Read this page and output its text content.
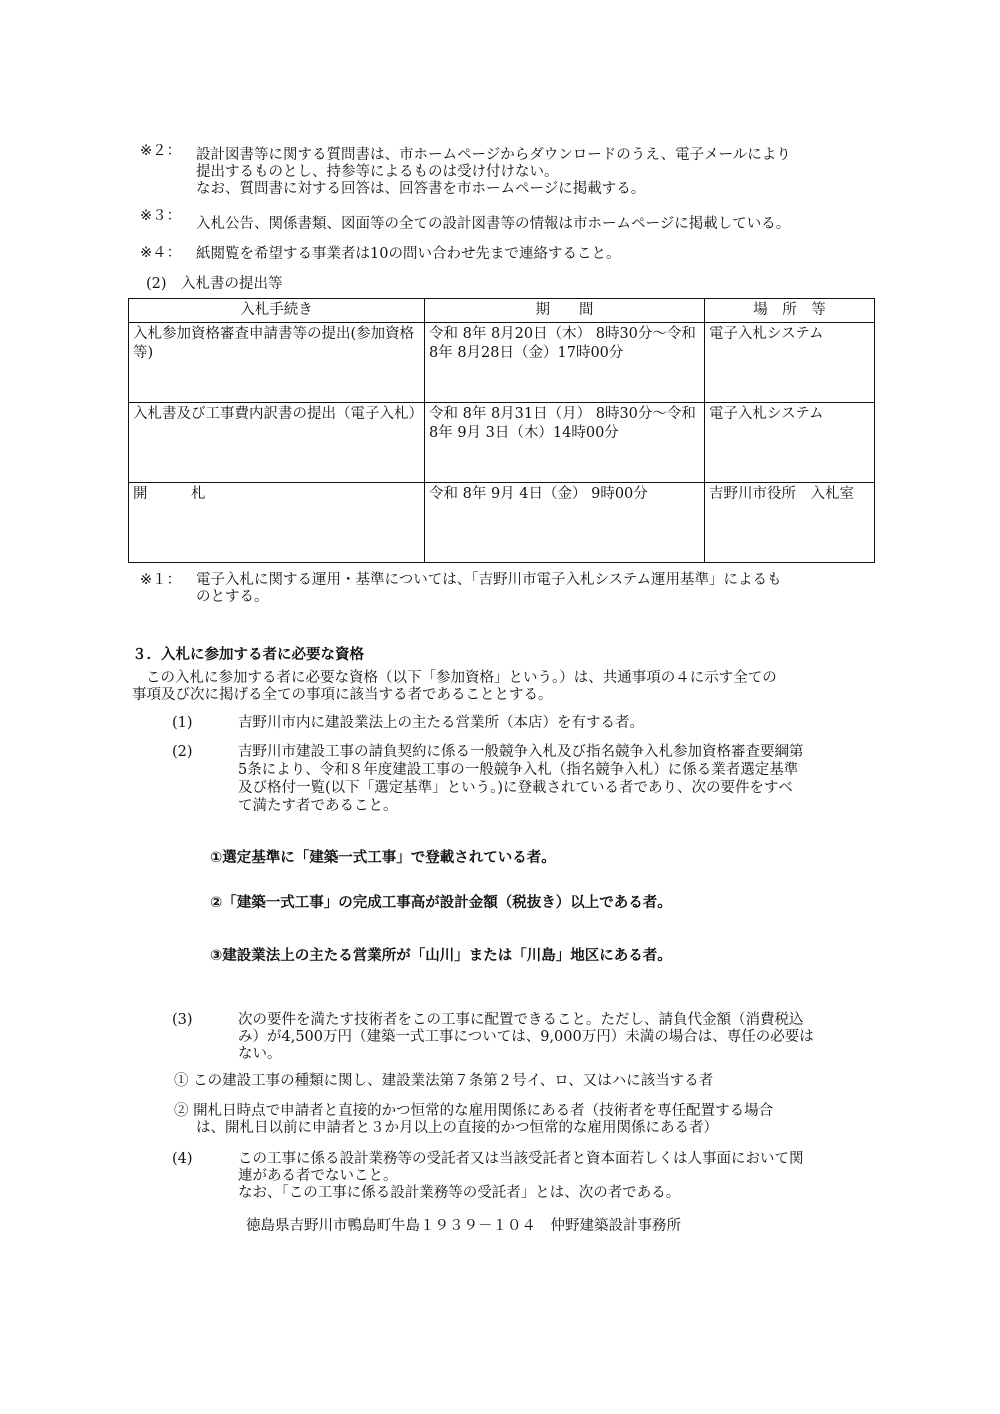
※２： 設計図書等に関する質問書は、市ホームページからダウンロードのうえ、電子メールにより
提出するものとし、持参等によるものは受け付けない。
なお、質問書に対する回答は、回答書を市ホームページに掲載する。
※３： 入札公告、関係書類、図面等の全ての設計図書等の情報は市ホームページに掲載している。
※４： 紙閲覧を希望する事業者は10の問い合わせ先まで連絡すること。
(2)　入札書の提出等
入札手続き	期　　間	場　所　等
入札参加資格審査申請書等の提出(参加資格等)	令和 8年 8月20日（木） 8時30分～令和 8年 8月28日（金）17時00分	電子入札システム
入札書及び工事費内訳書の提出（電子入札）	令和 8年 8月31日（月） 8時30分～令和 8年 9月 3日（木）14時00分	電子入札システム
開　　　札	令和 8年 9月 4日（金） 9時00分	吉野川市役所　入札室
※１： 電子入札に関する運用・基準については、「吉野川市電子入札システム運用基準」によるも
のとする。
３．入札に参加する者に必要な資格
この入札に参加する者に必要な資格（以下「参加資格」という。）は、共通事項の４に示す全ての
事項及び次に掲げる全ての事項に該当する者であることとする。
(1)	吉野川市内に建設業法上の主たる営業所（本店）を有する者。
(2)	吉野川市建設工事の請負契約に係る一般競争入札及び指名競争入札参加資格審査要綱第
5条により、令和８年度建設工事の一般競争入札（指名競争入札）に係る業者選定基準
及び格付一覧(以下「選定基準」という。)に登載されている者であり、次の要件をすべ
て満たす者であること。
①選定基準に「建築一式工事」で登載されている者。
②「建築一式工事」の完成工事高が設計金額（税抜き）以上である者。
③建設業法上の主たる営業所が「山川」または「川島」地区にある者。
(3)	次の要件を満たす技術者をこの工事に配置できること。ただし、請負代金額（消費税込
み）が4,500万円（建築一式工事については、9,000万円）未満の場合は、専任の必要は
ない。
① この建設工事の種類に関し、建設業法第７条第２号イ、ロ、又はハに該当する者
② 開札日時点で申請者と直接的かつ恒常的な雇用関係にある者（技術者を専任配置する場合
は、開札日以前に申請者と３か月以上の直接的かつ恒常的な雇用関係にある者）
(4)	この工事に係る設計業務等の受託者又は当該受託者と資本面若しくは人事面において関
連がある者でないこと。
なお、「この工事に係る設計業務等の受託者」とは、次の者である。
徳島県吉野川市鴨島町牛島１９３９－１０４　仲野建築設計事務所
